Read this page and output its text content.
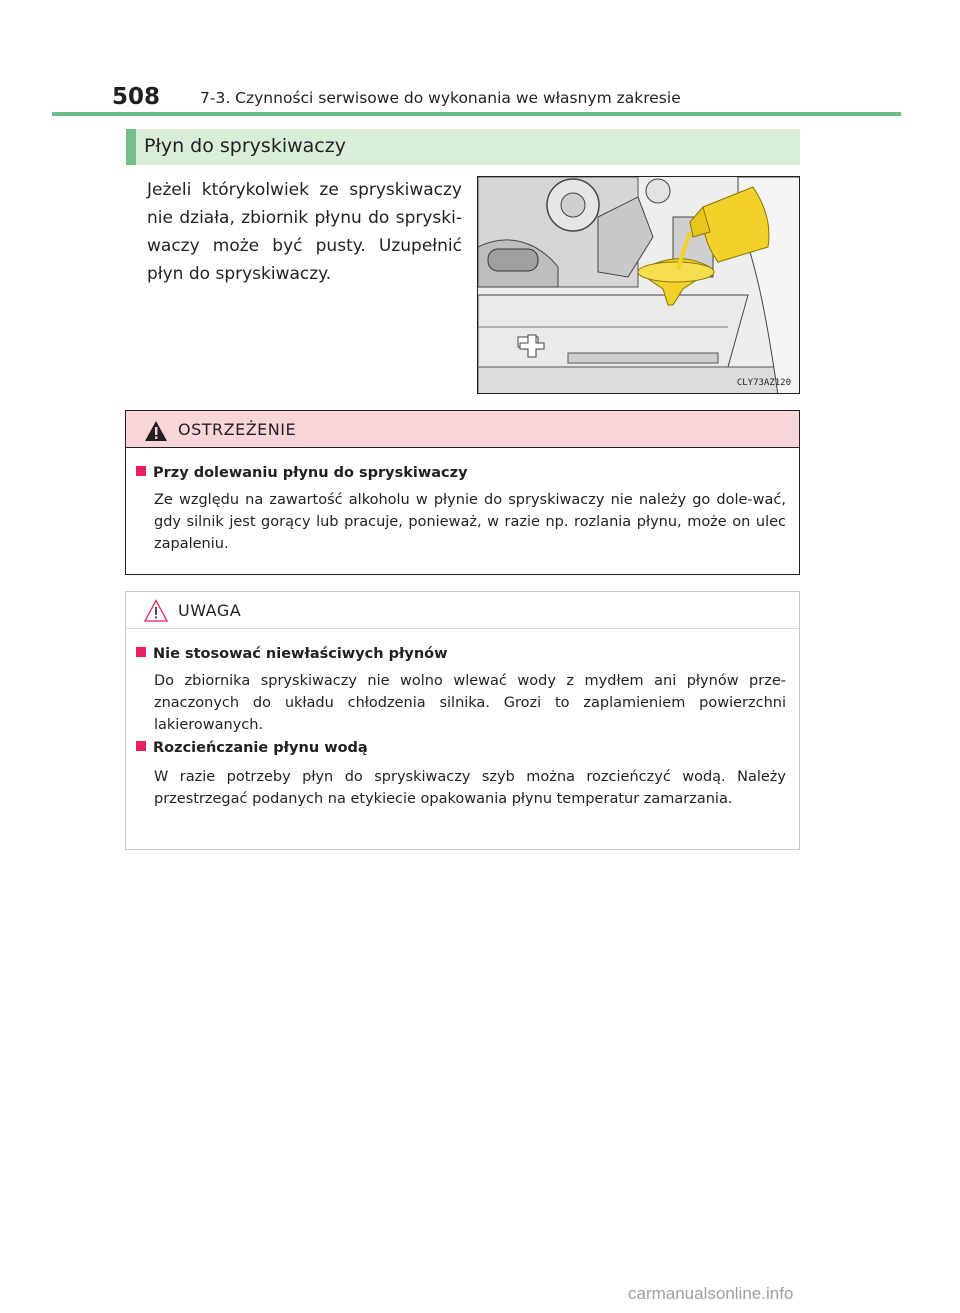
508	7-3. Czynności serwisowe do wykonania we własnym zakresie
Płyn do spryskiwaczy

Jeżeli którykolwiek ze spryskiwaczy nie działa, zbiornik płynu do spryski-waczy może być pusty. Uzupełnić płyn do spryskiwaczy.

CLY73AZ120
OSTRZEŻENIE
Przy dolewaniu płynu do spryskiwaczy

Ze względu na zawartość alkoholu w płynie do spryskiwaczy nie należy go dole-wać, gdy silnik jest gorący lub pracuje, ponieważ, w razie np. rozlania płynu, może on ulec zapaleniu.

UWAGA
Nie stosować niewłaściwych płynów

Do zbiornika spryskiwaczy nie wolno wlewać wody z mydłem ani płynów prze-znaczonych do układu chłodzenia silnika. Grozi to zaplamieniem powierzchni lakierowanych.

Rozcieńczanie płynu wodą

W razie potrzeby płyn do spryskiwaczy szyb można rozcieńczyć wodą. Należy przestrzegać podanych na etykiecie opakowania płynu temperatur zamarzania.

carmanualsonline.info
